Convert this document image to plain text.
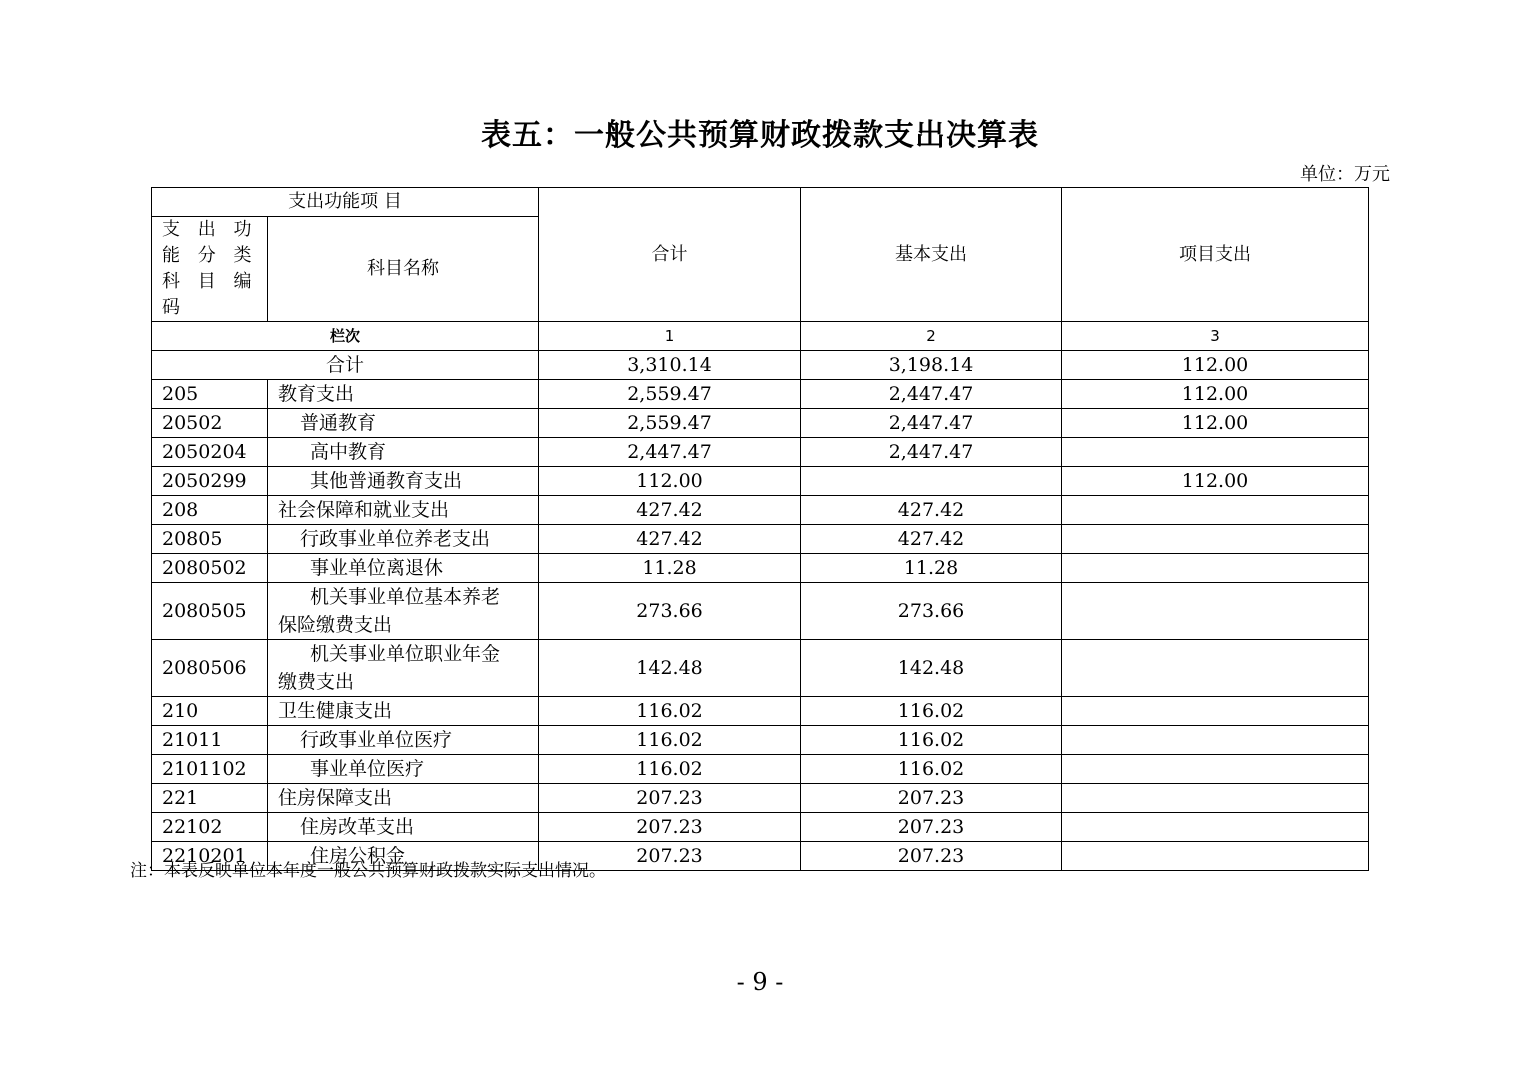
表五：一般公共预算财政拨款支出决算表
单位：万元
支出功能项 目		合计	基本支出	项目支出
支 出 功 能 分 类 科 目 编码	科目名称			
栏次		1	2	3
合计		3,310.14	3,198.14	112.00
205	教育支出	2,559.47	2,447.47	112.00
20502	普通教育	2,559.47	2,447.47	112.00
2050204	高中教育	2,447.47	2,447.47	
2050299	其他普通教育支出	112.00		112.00
208	社会保障和就业支出	427.42	427.42	
20805	行政事业单位养老支出	427.42	427.42	
2080502	事业单位离退休	11.28	11.28	
2080505	机关事业单位基本养老
保险缴费支出	273.66	273.66	
2080506	机关事业单位职业年金
缴费支出	142.48	142.48	
210	卫生健康支出	116.02	116.02	
21011	行政事业单位医疗	116.02	116.02	
2101102	事业单位医疗	116.02	116.02	
221	住房保障支出	207.23	207.23	
22102	住房改革支出	207.23	207.23	
2210201	住房公积金	207.23	207.23	
注：本表反映单位本年度一般公共预算财政拨款实际支出情况。
- 9 -
